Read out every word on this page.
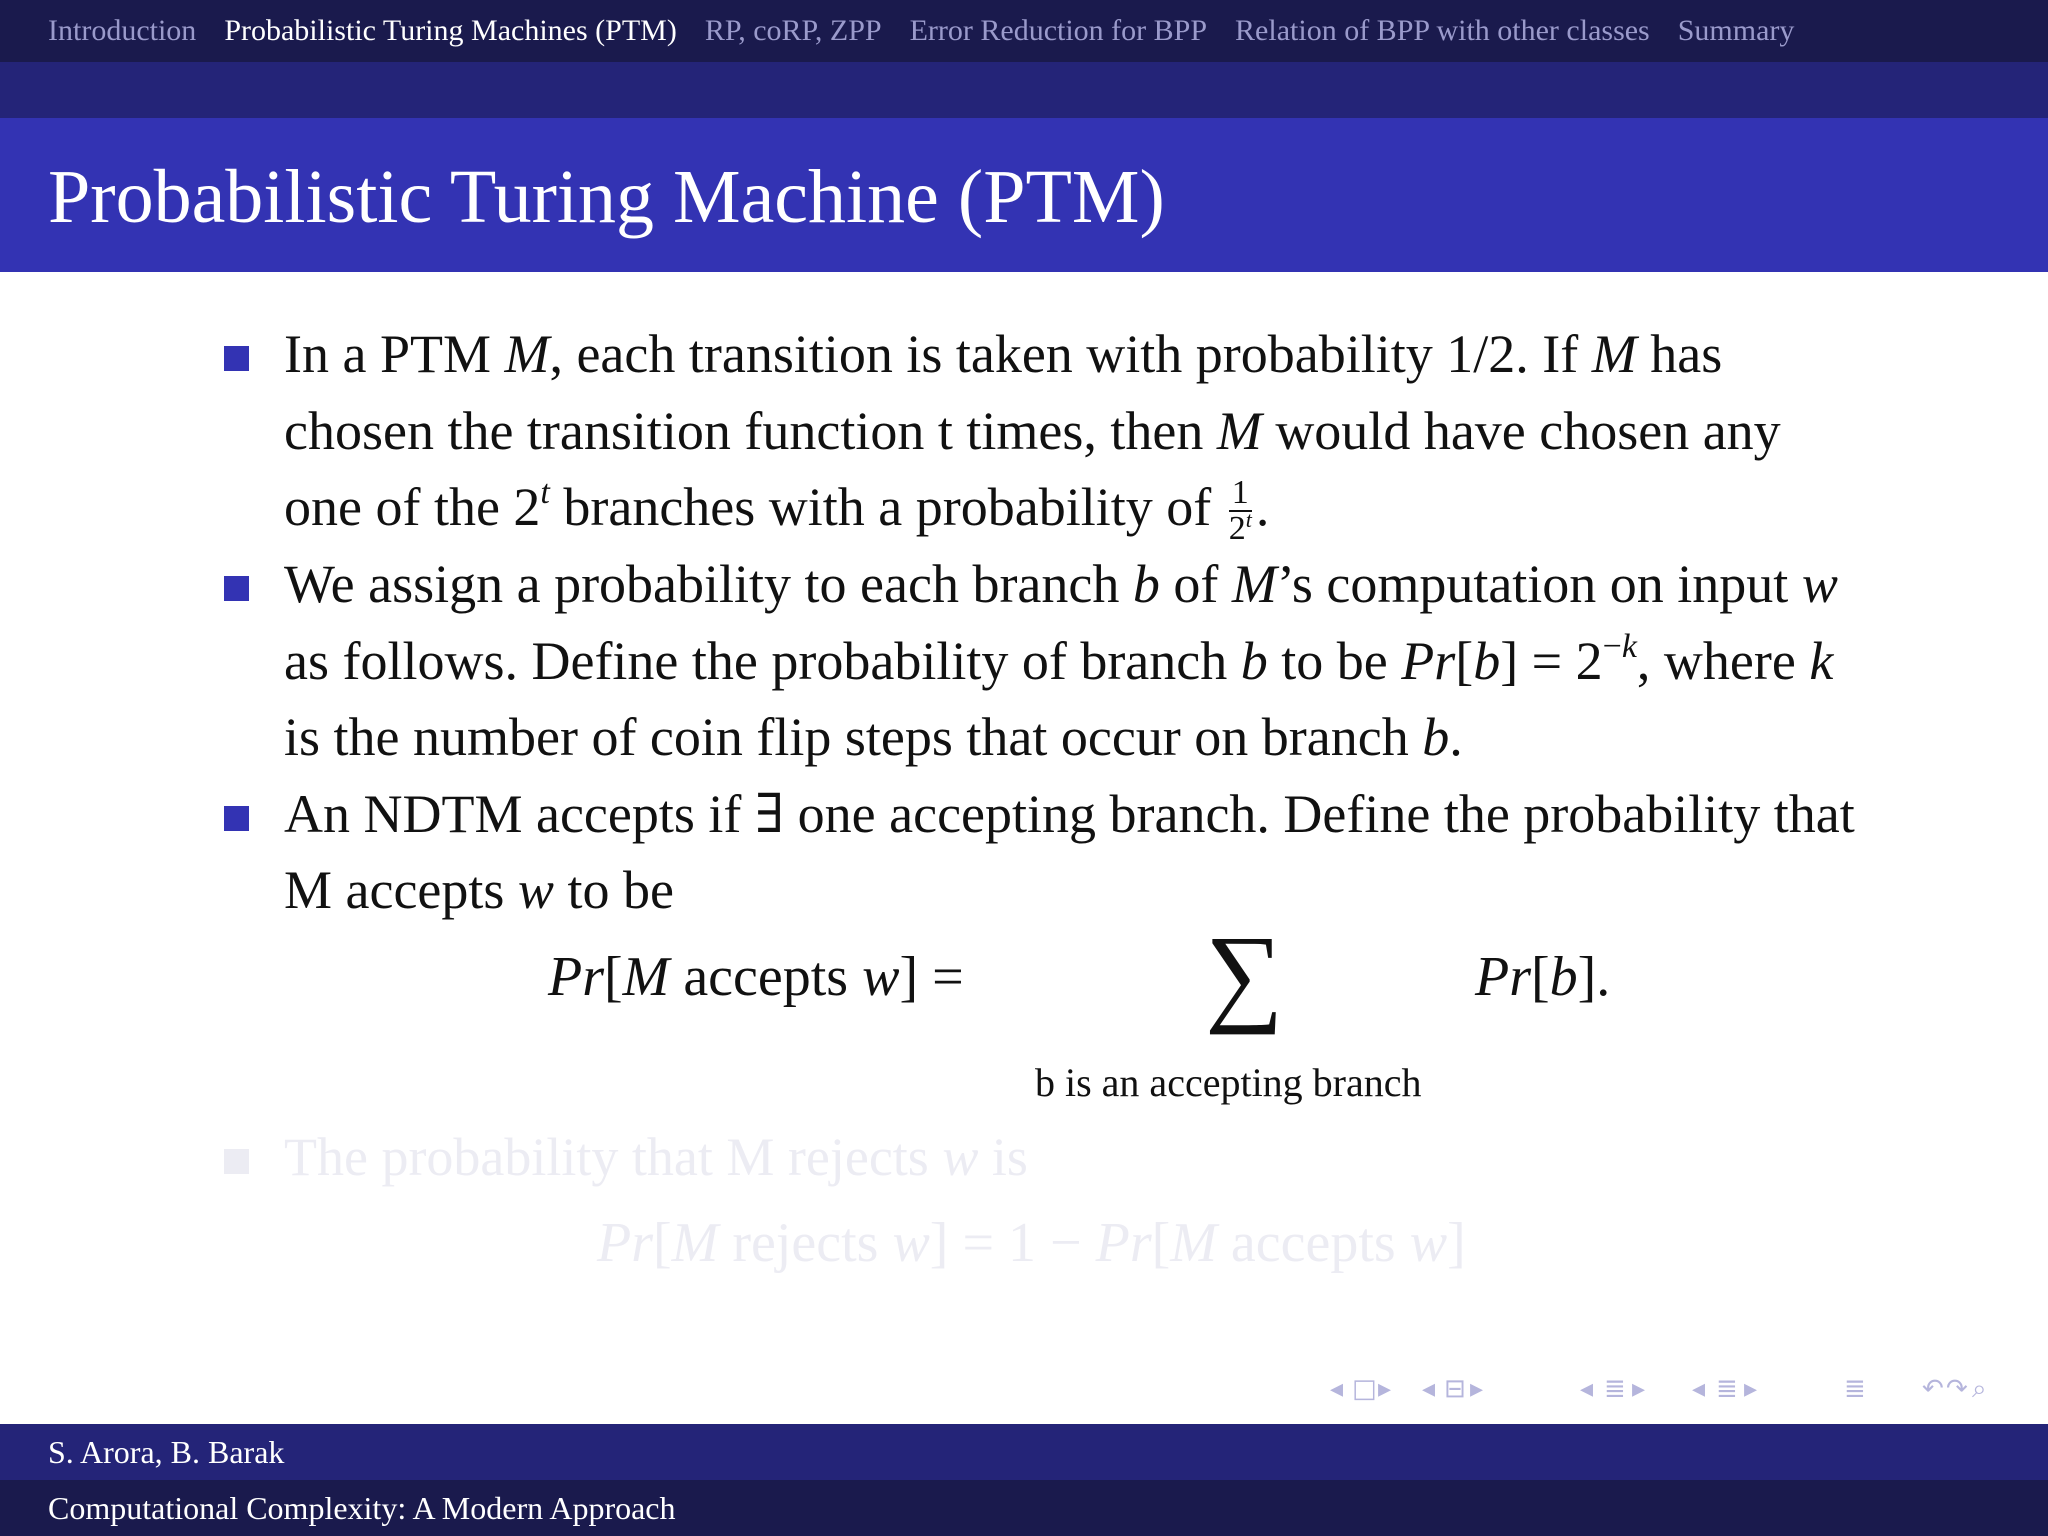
Introduction Probabilistic Turing Machines (PTM) RP, coRP, ZPP Error Reduction for BPP Relation of BPP with other classes Summary
Probabilistic Turing Machine (PTM)
In a PTM M, each transition is taken with probability 1/2. If M has chosen the transition function t times, then M would have chosen any one of the 2$^t$ branches with a probability of $\frac{1}{2^t}$ .
We assign a probability to each branch b of M’s computation on input w as follows. Define the probability of branch b to be $Pr[b] = 2^{-k}$, where k is the number of coin flip steps that occur on branch b.
An NDTM accepts if ∃ one accepting branch. Define the probability that M accepts w to be
Pr[M accepts w] = ∑
b is an accepting branch
Pr[b].
The probability that M rejects w is
Pr[M rejects w] = 1 − Pr[M accepts w]
◂ □ ▸ ◂ ⊟ ▸	◂ ≣ ▸ ◂ ≣ ▸	≣ ↶ ↷ ⌕
S. Arora, B. Barak
Computational Complexity: A Modern Approach
